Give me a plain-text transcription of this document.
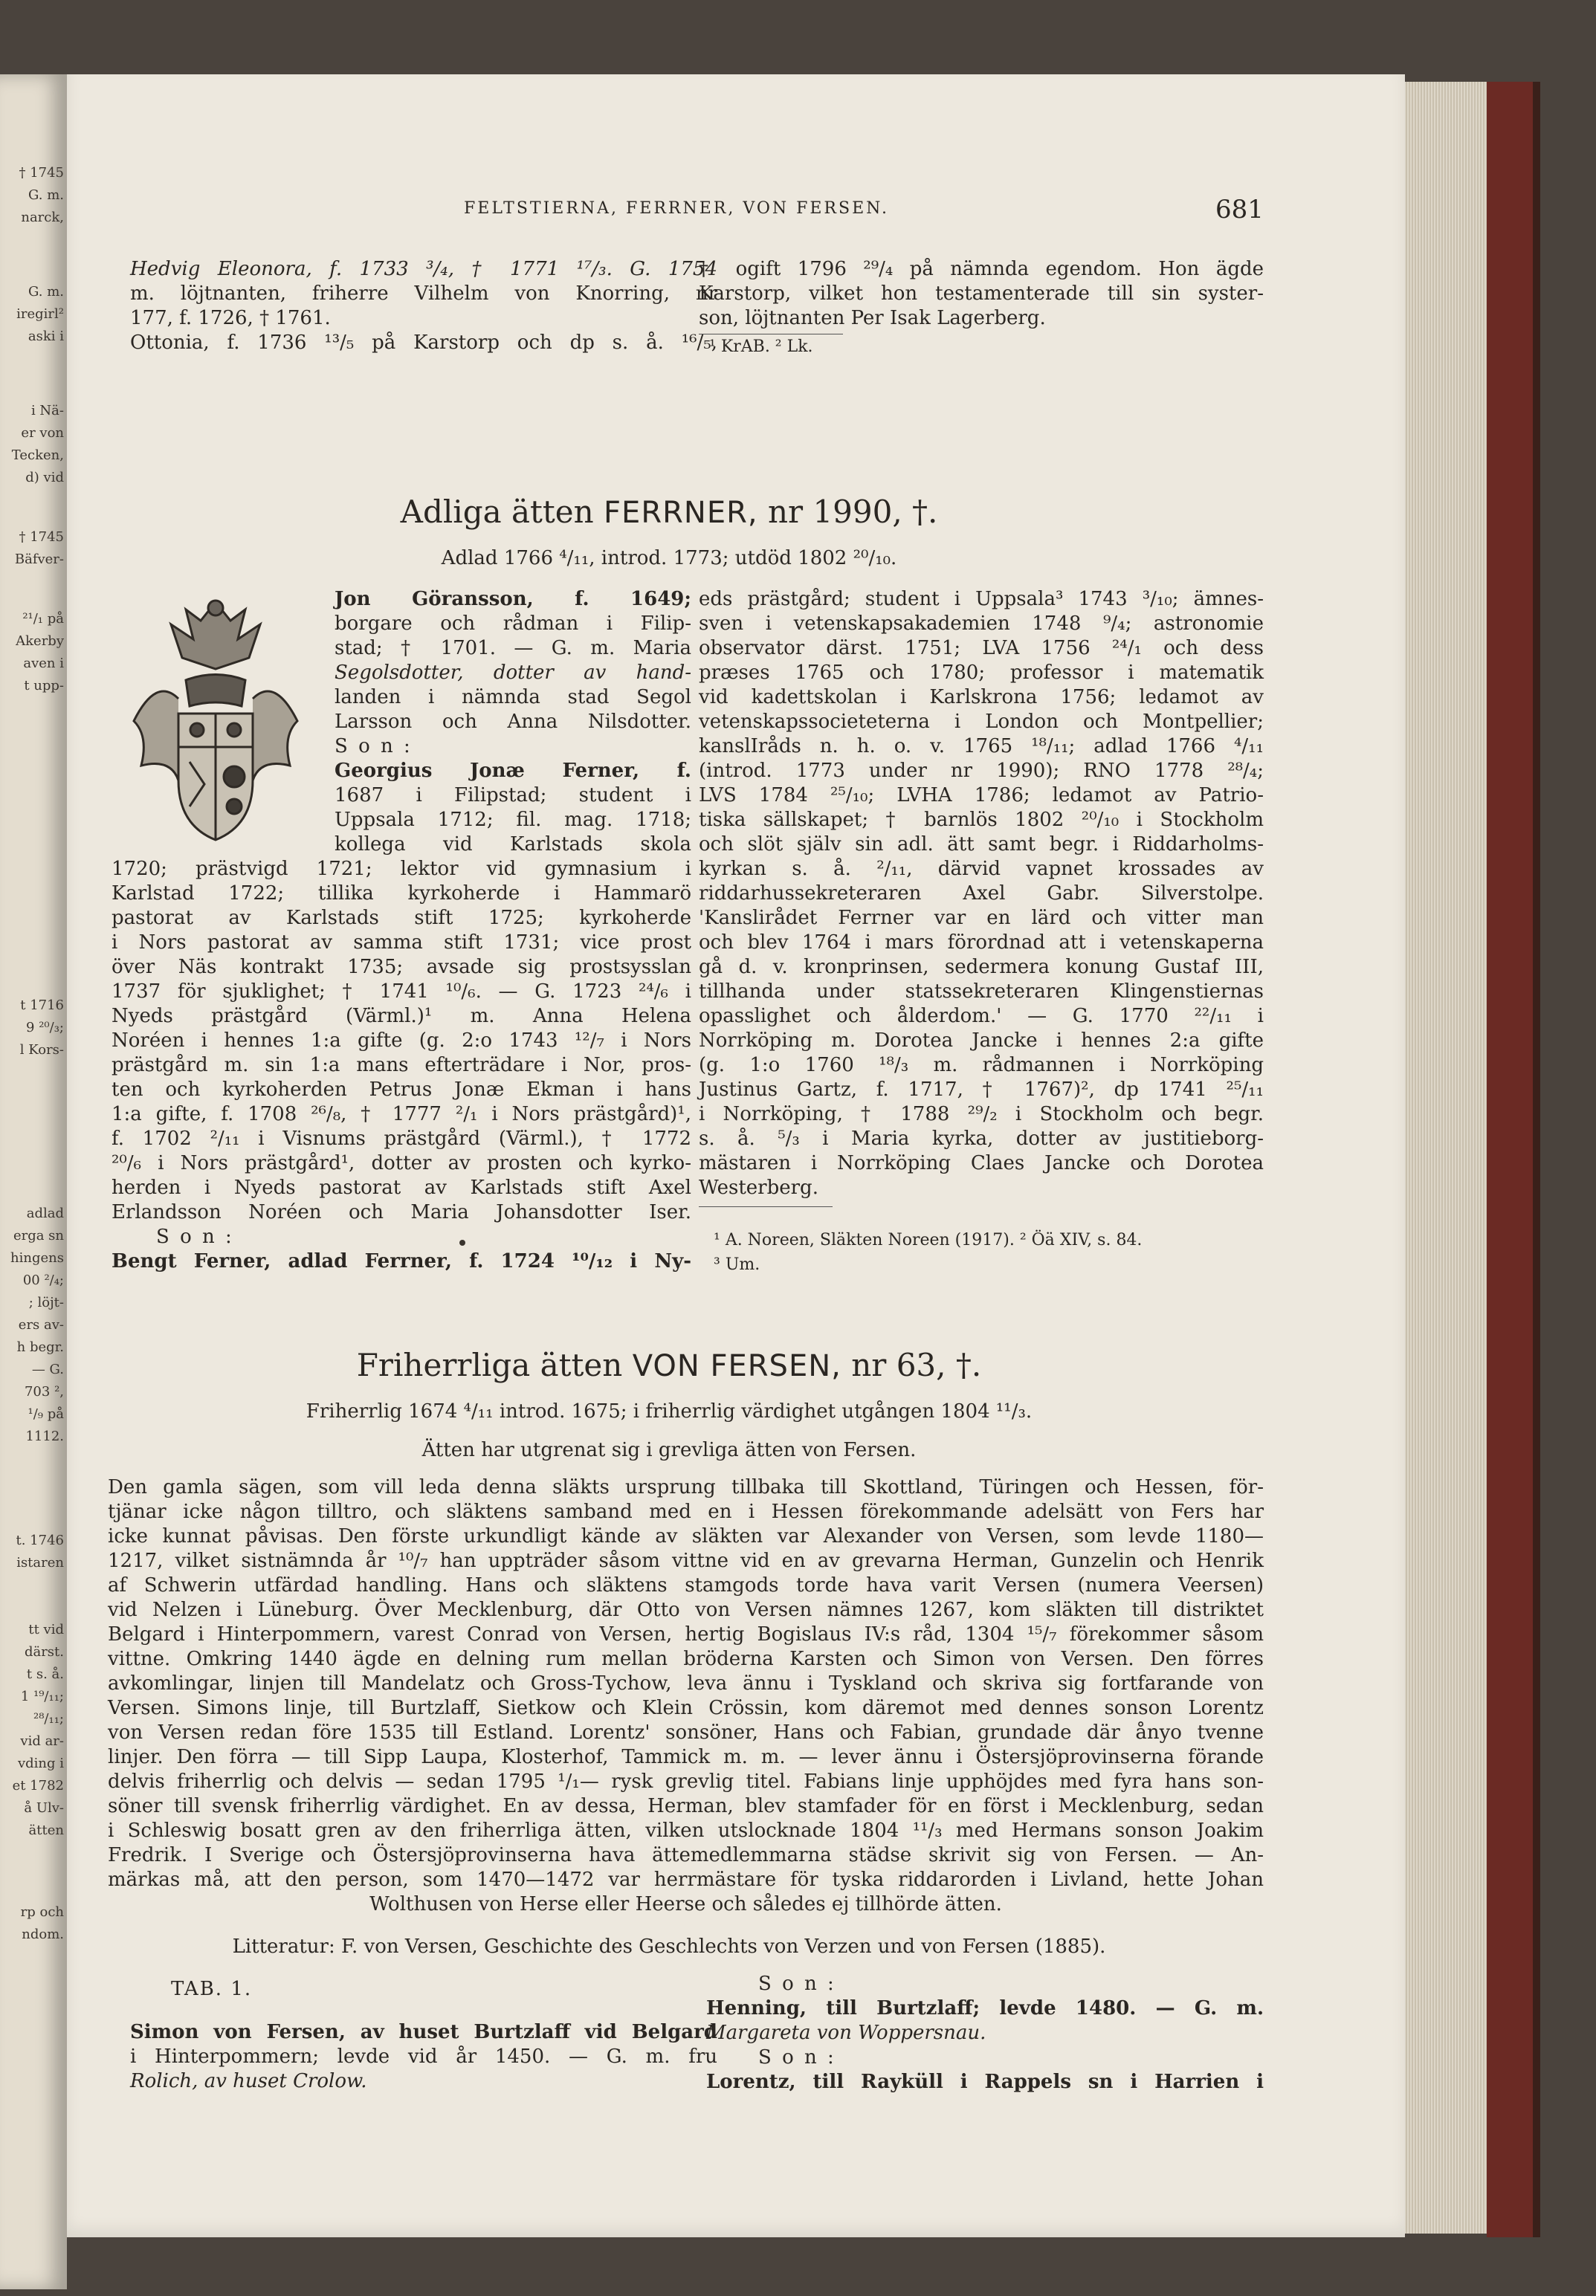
† 1745
G. m.
narck,
G. m.
iregirl²
aski i
i Nä-
er von
Tecken,
d) vid
† 1745
Bäfver-
²¹/₁ på
Akerby
aven i
t upp-
t 1716
9 ²⁰/₃;
l Kors-
adlad
erga sn
hingens
00 ²/₄;
; löjt-
ers av-
h begr.
— G.
703 ²,
¹/₉ på
1112.
t. 1746
istaren
tt vid
därst.
t s. å.
1 ¹⁹/₁₁;
²⁸/₁₁;
vid ar-
vding i
et 1782
å Ulv-
ätten
rp och
ndom.
FELTSTIERNA, FERRNER, VON FERSEN.	681
Hedvig Eleonora, f. 1733 ³/₄, † 1771 ¹⁷/₃. G. 1754
m. löjtnanten, friherre Vilhelm von Knorring, nr
177, f. 1726, † 1761.
Ottonia, f. 1736 ¹³/₅ på Karstorp och dp s. å. ¹⁶/₅,
† ogift 1796 ²⁹/₄ på nämnda egendom. Hon ägde
Karstorp, vilket hon testamenterade till sin syster-
son, löjtnanten Per Isak Lagerberg.
¹ KrAB. ² Lk.
Adliga ätten FERRNER, nr 1990, †.
Adlad 1766 ⁴/₁₁, introd. 1773; utdöd 1802 ²⁰/₁₀.
Jon Göransson, f. 1649;
borgare och rådman i Filip-
stad; † 1701. — G. m. Maria
Segolsdotter, dotter av hand-
landen i nämnda stad Segol
Larsson och Anna Nilsdotter.
S o n :
Georgius Jonæ Ferner, f.
1687 i Filipstad; student i
Uppsala 1712; fil. mag. 1718;
kollega vid Karlstads skola
1720; prästvigd 1721; lektor vid gymnasium i
Karlstad 1722; tillika kyrkoherde i Hammarö
pastorat av Karlstads stift 1725; kyrkoherde
i Nors pastorat av samma stift 1731; vice prost
över Näs kontrakt 1735; avsade sig prostsysslan
1737 för sjuklighet; † 1741 ¹⁰/₆. — G. 1723 ²⁴/₆ i
Nyeds prästgård (Värml.)¹ m. Anna Helena
Noréen i hennes 1:a gifte (g. 2:o 1743 ¹²/₇ i Nors
prästgård m. sin 1:a mans efterträdare i Nor, pros-
ten och kyrkoherden Petrus Jonæ Ekman i hans
1:a gifte, f. 1708 ²⁶/₈, † 1777 ²/₁ i Nors prästgård)¹,
f. 1702 ²/₁₁ i Visnums prästgård (Värml.), † 1772
²⁰/₆ i Nors prästgård¹, dotter av prosten och kyrko-
herden i Nyeds pastorat av Karlstads stift Axel
Erlandsson Noréen och Maria Johansdotter Iser.
S o n :
Bengt Ferner, adlad Ferrner, f. 1724 ¹⁰/₁₂ i Ny-
eds prästgård; student i Uppsala³ 1743 ³/₁₀; ämnes-
sven i vetenskapsakademien 1748 ⁹/₄; astronomie
observator därst. 1751; LVA 1756 ²⁴/₁ och dess
præses 1765 och 1780; professor i matematik
vid kadettskolan i Karlskrona 1756; ledamot av
vetenskapssocieteterna i London och Montpellier;
kanslIråds n. h. o. v. 1765 ¹⁸/₁₁; adlad 1766 ⁴/₁₁
(introd. 1773 under nr 1990); RNO 1778 ²⁸/₄;
LVS 1784 ²⁵/₁₀; LVHA 1786; ledamot av Patrio-
tiska sällskapet; † barnlös 1802 ²⁰/₁₀ i Stockholm
och slöt själv sin adl. ätt samt begr. i Riddarholms-
kyrkan s. å. ²/₁₁, därvid vapnet krossades av
riddarhussekreteraren Axel Gabr. Silverstolpe.
'Kanslirådet Ferrner var en lärd och vitter man
och blev 1764 i mars förordnad att i vetenskaperna
gå d. v. kronprinsen, sedermera konung Gustaf III,
tillhanda under statssekreteraren Klingenstiernas
opasslighet och ålderdom.' — G. 1770 ²²/₁₁ i
Norrköping m. Dorotea Jancke i hennes 2:a gifte
(g. 1:o 1760 ¹⁸/₃ m. rådmannen i Norrköping
Justinus Gartz, f. 1717, † 1767)², dp 1741 ²⁵/₁₁
i Norrköping, † 1788 ²⁹/₂ i Stockholm och begr.
s. å. ⁵/₃ i Maria kyrka, dotter av justitieborg-
mästaren i Norrköping Claes Jancke och Dorotea
Westerberg.
¹ A. Noreen, Släkten Noreen (1917). ² Öä XIV, s. 84.
³ Um.
Friherrliga ätten VON FERSEN, nr 63, †.
Friherrlig 1674 ⁴/₁₁ introd. 1675; i friherrlig värdighet utgången 1804 ¹¹/₃.
Ätten har utgrenat sig i grevliga ätten von Fersen.
Den gamla sägen, som vill leda denna släkts ursprung tillbaka till Skottland, Türingen och Hessen, för-
tjänar icke någon tilltro, och släktens samband med en i Hessen förekommande adelsätt von Fers har
icke kunnat påvisas. Den förste urkundligt kände av släkten var Alexander von Versen, som levde 1180—
1217, vilket sistnämnda år ¹⁰/₇ han uppträder såsom vittne vid en av grevarna Herman, Gunzelin och Henrik
af Schwerin utfärdad handling. Hans och släktens stamgods torde hava varit Versen (numera Veersen)
vid Nelzen i Lüneburg. Över Mecklenburg, där Otto von Versen nämnes 1267, kom släkten till distriktet
Belgard i Hinterpommern, varest Conrad von Versen, hertig Bogislaus IV:s råd, 1304 ¹⁵/₇ förekommer såsom
vittne. Omkring 1440 ägde en delning rum mellan bröderna Karsten och Simon von Versen. Den förres
avkomlingar, linjen till Mandelatz och Gross-Tychow, leva ännu i Tyskland och skriva sig fortfarande von
Versen. Simons linje, till Burtzlaff, Sietkow och Klein Crössin, kom däremot med dennes sonson Lorentz
von Versen redan före 1535 till Estland. Lorentz' sonsöner, Hans och Fabian, grundade där ånyo tvenne
linjer. Den förra — till Sipp Laupa, Klosterhof, Tammick m. m. — lever ännu i Östersjöprovinserna förande
delvis friherrlig och delvis — sedan 1795 ¹/₁— rysk grevlig titel. Fabians linje upphöjdes med fyra hans son-
söner till svensk friherrlig värdighet. En av dessa, Herman, blev stamfader för en först i Mecklenburg, sedan
i Schleswig bosatt gren av den friherrliga ätten, vilken utslocknade 1804 ¹¹/₃ med Hermans sonson Joakim
Fredrik. I Sverige och Östersjöprovinserna hava ättemedlemmarna städse skrivit sig von Fersen. — An-
märkas må, att den person, som 1470—1472 var herrmästare för tyska riddarorden i Livland, hette Johan
Wolthusen von Herse eller Heerse och således ej tillhörde ätten.
Litteratur: F. von Versen, Geschichte des Geschlechts von Verzen und von Fersen (1885).
TAB. 1.
Simon von Fersen, av huset Burtzlaff vid Belgard
i Hinterpommern; levde vid år 1450. — G. m. fru
Rolich, av huset Crolow.
S o n :
Henning, till Burtzlaff; levde 1480. — G. m.
Margareta von Woppersnau.
S o n :
Lorentz, till Rayküll i Rappels sn i Harrien i
